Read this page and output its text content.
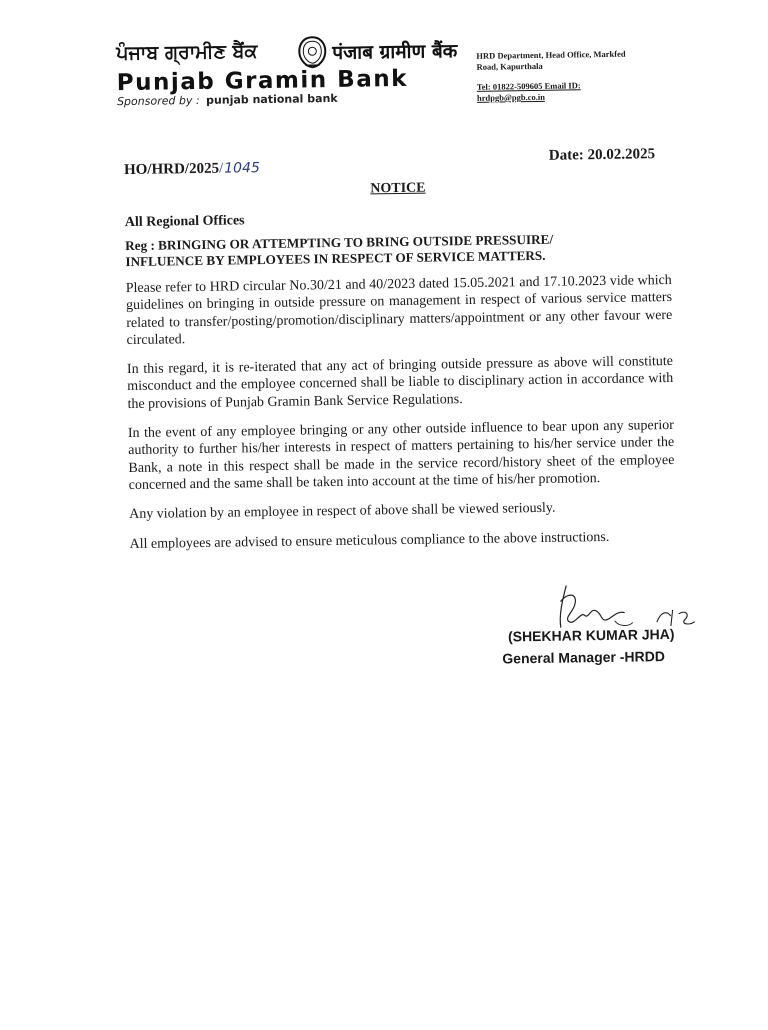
ਪੰਜਾਬ ਗ੍ਰਾਮੀਣ ਬੈਂਕ	पंजाब ग्रामीण बैंक
Punjab Gramin Bank
Sponsored by : punjab national bank
HRD Department, Head Office, Markfed
Road, Kapurthala
Tel: 01822-509605 Email ID:
hrdpgb@pgb.co.in
HO/HRD/2025/1045
Date: 20.02.2025
NOTICE
All Regional Offices
Reg : BRINGING OR ATTEMPTING TO BRING OUTSIDE PRESSUIRE/
INFLUENCE BY EMPLOYEES IN RESPECT OF SERVICE MATTERS.

Please refer to HRD circular No.30/21 and 40/2023 dated 15.05.2021 and 17.10.2023 vide which guidelines on bringing in outside pressure on management in respect of various service matters related to transfer/posting/promotion/disciplinary matters/appointment or any other favour were circulated.

In this regard, it is re-iterated that any act of bringing outside pressure as above will constitute misconduct and the employee concerned shall be liable to disciplinary action in accordance with the provisions of Punjab Gramin Bank Service Regulations.

In the event of any employee bringing or any other outside influence to bear upon any superior authority to further his/her interests in respect of matters pertaining to his/her service under the Bank, a note in this respect shall be made in the service record/history sheet of the employee concerned and the same shall be taken into account at the time of his/her promotion.

Any violation by an employee in respect of above shall be viewed seriously.

All employees are advised to ensure meticulous compliance to the above instructions.

(SHEKHAR KUMAR JHA)
General Manager -HRDD
